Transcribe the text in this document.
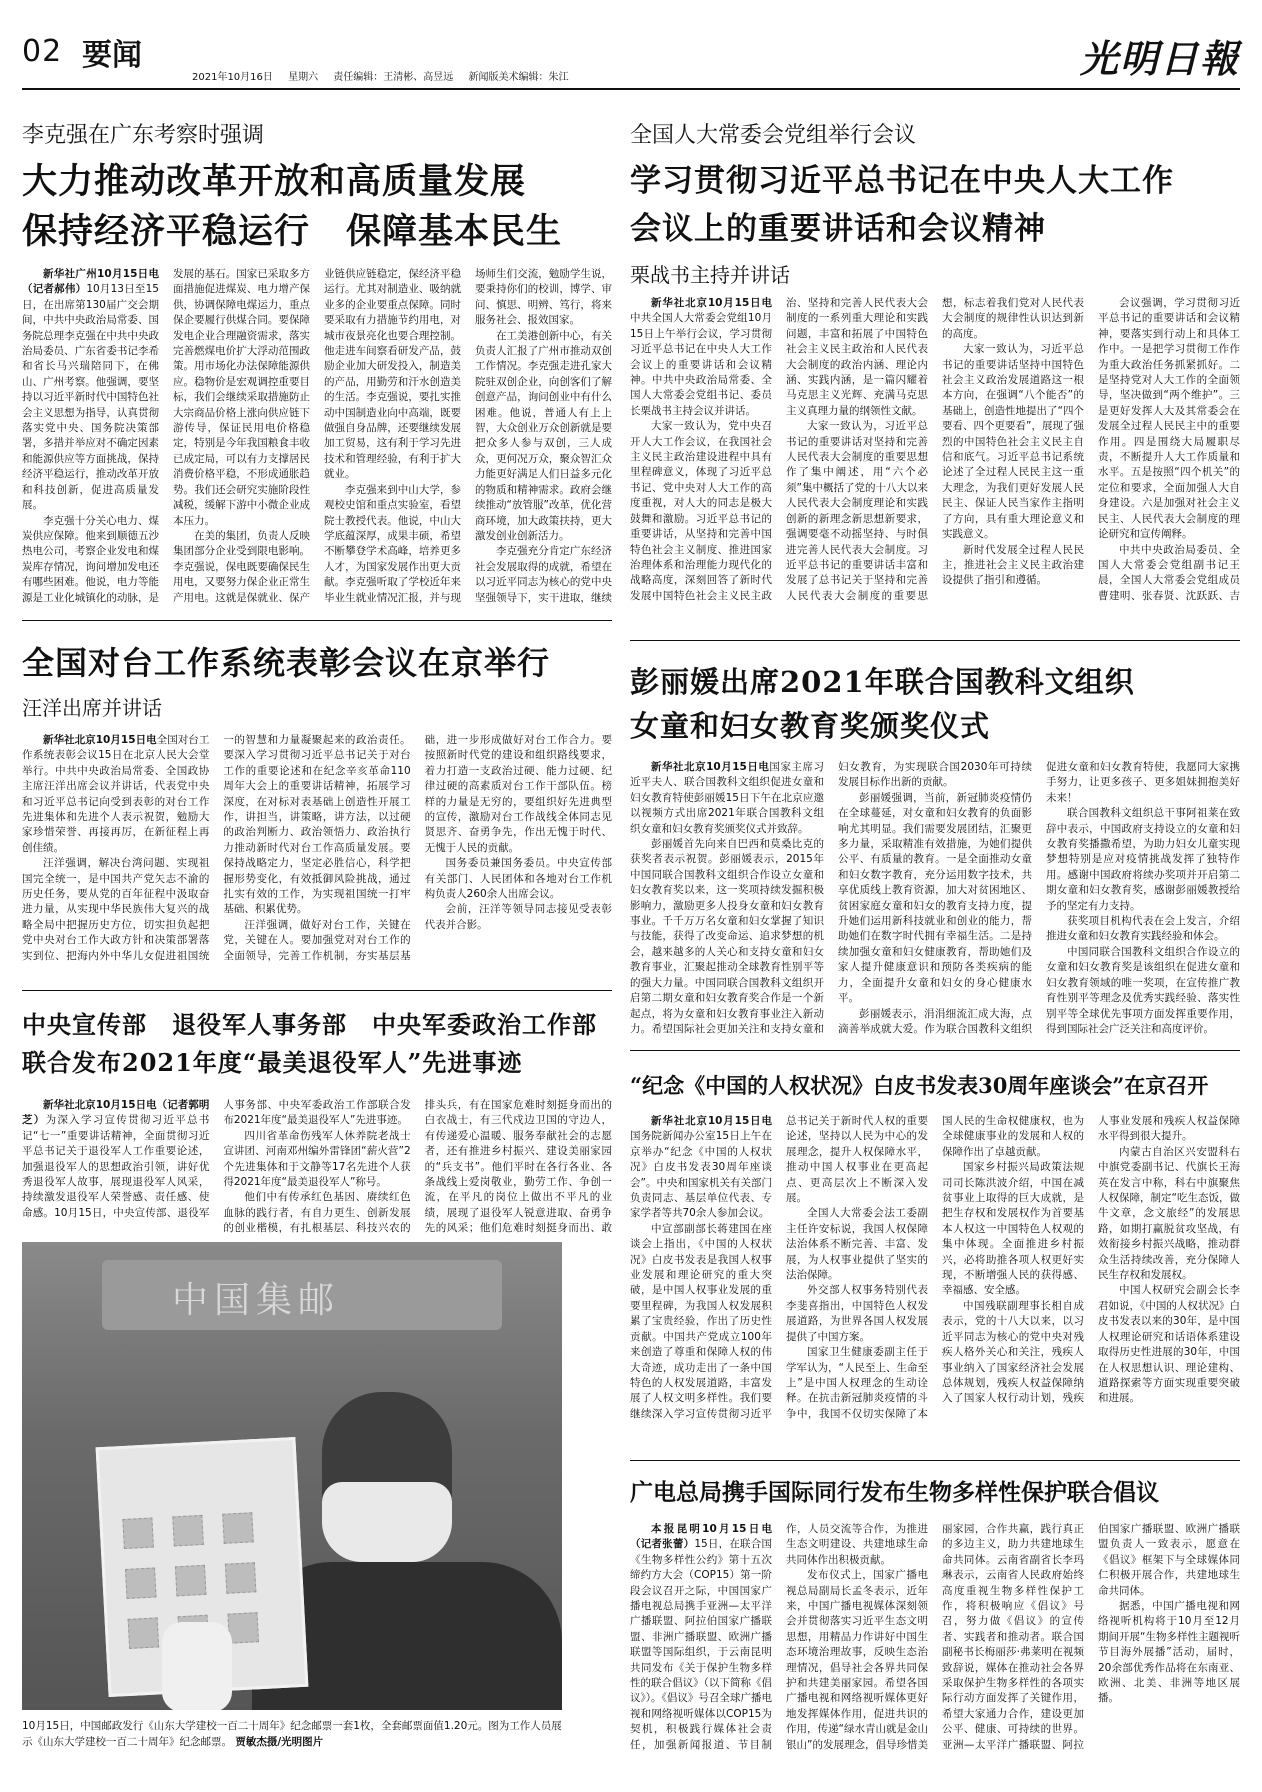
02 要闻
2021年10月16日 星期六 责任编辑：王清彬、高昱远 新闻版美术编辑：朱江	光明日報
李克强在广东考察时强调
大力推动改革开放和高质量发展
保持经济平稳运行　保障基本民生

新华社广州10月15日电（记者郝伟）10月13日至15日，在出席第130届广交会期间，中共中央政治局常委、国务院总理李克强在中共中央政治局委员、广东省委书记李希和省长马兴瑞陪同下，在佛山、广州考察。他强调，要坚持以习近平新时代中国特色社会主义思想为指导，认真贯彻落实党中央、国务院决策部署，多措并举应对不确定因素和能源供应等方面挑战，保持经济平稳运行，推动改革开放和科技创新，促进高质量发展。

李克强十分关心电力、煤炭供应保障。他来到顺德五沙热电公司，考察企业发电和煤炭库存情况，询问增加发电还有哪些困难。他说，电力等能源是工业化城镇化的动脉，是发展的基石。国家已采取多方面措施促进煤炭、电力增产保供，协调保障电煤运力，重点保企要履行供煤合同。要保障发电企业合理融资需求，落实完善燃煤电价扩大浮动范围政策。用市场化办法保障能源供应。稳物价是宏观调控重要目标，我们会继续采取措施防止大宗商品价格上涨向供应链下游传导，保证民用电价格稳定，特别是今年我国粮食丰收已成定局，可以有力支撑居民消费价格平稳，不形成通胀趋势。我们还会研究实施阶段性减税，缓解下游中小微企业成本压力。

在美的集团，负责人反映集团部分企业受到限电影响。李克强说，保电既要确保民生用电，又要努力保企业正常生产用电。这就是保就业、保产业链供应链稳定，保经济平稳运行。尤其对制造业、吸纳就业多的企业要重点保障。同时要采取有力措施节约用电，对城市夜景亮化也要合理控制。他走进车间察看研发产品，鼓励企业加大研发投入，制造美的产品，用勤劳和汗水创造美的生活。李克强说，要扎实推动中国制造业向中高端，既要做强自身品牌，还要继续发展加工贸易，这有利于学习先进技术和管理经验，有利于扩大就业。

李克强来到中山大学，参观校史馆和重点实验室，看望院士教授代表。他说，中山大学底蕴深厚，成果丰硕，希望不断攀登学术高峰，培养更多人才，为国家发展作出更大贡献。李克强听取了学校近年来毕业生就业情况汇报，并与现场师生们交流，勉励学生说，要秉持你们的校训，博学、审问、慎思、明辨、笃行，将来服务社会、报效国家。

在工美港创新中心，有关负责人汇报了广州市推动双创工作情况。李克强走进孔家大院驻双创企业，向创客们了解创意产品，询问创业中有什么困难。他说，普通人有上上智，大众创业万众创新就是要把众多人参与双创，三人成众，更何况万众，聚众智汇众力能更好满足人们日益多元化的物质和精神需求。政府会继续推动“放管服”改革，优化营商环境，加大政策扶持，更大激发创业创新活力。

李克强充分肯定广东经济社会发展取得的成就，希望在以习近平同志为核心的党中央坚强领导下，实干进取，继续

全国人大常委会党组举行会议
学习贯彻习近平总书记在中央人大工作
会议上的重要讲话和会议精神
栗战书主持并讲话

新华社北京10月15日电中共全国人大常委会党组10月15日上午举行会议，学习贯彻习近平总书记在中央人大工作会议上的重要讲话和会议精神。中共中央政治局常委、全国人大常委会党组书记、委员长栗战书主持会议并讲话。

大家一致认为，党中央召开人大工作会议，在我国社会主义民主政治建设进程中具有里程碑意义，体现了习近平总书记、党中央对人大工作的高度重视，对人大的同志是极大鼓舞和激励。习近平总书记的重要讲话，从坚持和完善中国特色社会主义制度、推进国家治理体系和治理能力现代化的战略高度，深刻回答了新时代发展中国特色社会主义民主政治、坚持和完善人民代表大会制度的一系列重大理论和实践问题，丰富和拓展了中国特色社会主义民主政治和人民代表大会制度的政治内涵、理论内涵、实践内涵，是一篇闪耀着马克思主义光辉、充满马克思主义真理力量的纲领性文献。

大家一致认为，习近平总书记的重要讲话对坚持和完善人民代表大会制度的重要思想作了集中阐述，用“六个必须”集中概括了党的十八大以来人民代表大会制度理论和实践创新的新理念新思想新要求，强调要毫不动摇坚持、与时俱进完善人民代表大会制度。习近平总书记的重要讲话丰富和发展了总书记关于坚持和完善人民代表大会制度的重要思想，标志着我们党对人民代表大会制度的规律性认识达到新的高度。

大家一致认为，习近平总书记的重要讲话坚持中国特色社会主义政治发展道路这一根本方向，在强调“八个能否”的基础上，创造性地提出了“四个要看、四个更要看”，展现了强烈的中国特色社会主义民主自信和底气。习近平总书记系统论述了全过程人民民主这一重大理念，为我们更好发展人民民主、保证人民当家作主指明了方向，具有重大理论意义和实践意义。

新时代发展全过程人民民主，推进社会主义民主政治建设提供了指引和遵循。

会议强调，学习贯彻习近平总书记的重要讲话和会议精神，要落实到行动上和具体工作中。一是把学习贯彻工作作为重大政治任务抓紧抓好。二是坚持党对人大工作的全面领导，坚决做到“两个维护”。三是更好发挥人大及其常委会在发展全过程人民民主中的重要作用。四是围绕大局履职尽责，不断提升人大工作质量和水平。五是按照“四个机关”的定位和要求，全面加强人大自身建设。六是加强对社会主义民主、人民代表大会制度的理论研究和宣传阐释。

中共中央政治局委员、全国人大常委会党组副书记王晨，全国人大常委会党组成员曹建明、张春贤、沈跃跃、吉

全国对台工作系统表彰会议在京举行
汪洋出席并讲话

新华社北京10月15日电全国对台工作系统表彰会议15日在北京人民大会堂举行。中共中央政治局常委、全国政协主席汪洋出席会议并讲话，代表党中央和习近平总书记向受到表彰的对台工作先进集体和先进个人表示祝贺，勉励大家珍惜荣誉、再接再厉，在新征程上再创佳绩。

汪洋强调，解决台湾问题、实现祖国完全统一，是中国共产党矢志不渝的历史任务，要从党的百年征程中汲取奋进力量，从实现中华民族伟大复兴的战略全局中把握历史方位，切实担负起把党中央对台工作大政方针和决策部署落实到位、把海内外中华儿女促进祖国统一的智慧和力量凝聚起来的政治责任。要深入学习贯彻习近平总书记关于对台工作的重要论述和在纪念辛亥革命110周年大会上的重要讲话精神，拓展学习深度，在对标对表基础上创造性开展工作，讲担当，讲策略，讲方法，以过硬的政治判断力、政治领悟力、政治执行力推动新时代对台工作高质量发展。要保持战略定力，坚定必胜信心，科学把握形势变化，有效抵御风险挑战，通过扎实有效的工作，为实现祖国统一打牢基础、积累优势。

汪洋强调，做好对台工作，关键在党，关键在人。要加强党对对台工作的全面领导，完善工作机制，夯实基层基础，进一步形成做好对台工作合力。要按照新时代党的建设和组织路线要求，着力打造一支政治过硬、能力过硬、纪律过硬的高素质对台工作干部队伍。榜样的力量是无穷的，要组织好先进典型的宣传，激励对台工作战线全体同志见贤思齐、奋勇争先，作出无愧于时代、无愧于人民的贡献。

国务委员兼国务委员。中央宣传部有关部门、人民团体和各地对台工作机构负责人260余人出席会议。

会前，汪洋等领导同志接见受表彰代表并合影。

彭丽媛出席2021年联合国教科文组织
女童和妇女教育奖颁奖仪式

新华社北京10月15日电国家主席习近平夫人、联合国教科文组织促进女童和妇女教育特使彭丽媛15日下午在北京应邀以视频方式出席2021年联合国教科文组织女童和妇女教育奖颁奖仪式并致辞。

彭丽媛首先向来自巴西和莫桑比克的获奖者表示祝贺。彭丽媛表示，2015年中国同联合国教科文组织合作设立女童和妇女教育奖以来，这一奖项持续发掘积极影响力，激励更多人投身女童和妇女教育事业。千千万万名女童和妇女掌握了知识与技能，获得了改变命运、追求梦想的机会，越来越多的人关心和支持女童和妇女教育事业，汇聚起推动全球教育性别平等的强大力量。中国同联合国教科文组织开启第二期女童和妇女教育奖合作是一个新起点，将为女童和妇女教育事业注入新动力。希望国际社会更加关注和支持女童和妇女教育，为实现联合国2030年可持续发展目标作出新的贡献。

彭丽媛强调，当前，新冠肺炎疫情仍在全球蔓延，对女童和妇女教育的负面影响尤其明显。我们需要发展团结，汇聚更多力量，采取精准有效措施，为她们提供公平、有质量的教育。一是全面推动女童和妇女数字教育，充分运用数字技术，共享优质线上教育资源，加大对贫困地区、贫困家庭女童和妇女的教育支持力度，提升她们运用新科技就业和创业的能力，帮助她们在数字时代拥有幸福生活。二是持续加强女童和妇女健康教育，帮助她们及家人提升健康意识和预防各类疾病的能力，全面提升女童和妇女的身心健康水平。

彭丽媛表示，涓涓细流汇成大海，点滴善举成就大爱。作为联合国教科文组织促进女童和妇女教育特使，我愿同大家携手努力，让更多孩子、更多姐妹拥抱美好未来！

联合国教科文组织总干事阿祖莱在致辞中表示，中国政府支持设立的女童和妇女教育奖播撒希望，为助力妇女儿童实现梦想特别是应对疫情挑战发挥了独特作用。感谢中国政府将续办奖项并开启第二期女童和妇女教育奖，感谢彭丽媛教授给予的坚定有力支持。

获奖项目机构代表在会上发言，介绍推进女童和妇女教育实践经验和体会。

中国同联合国教科文组织合作设立的女童和妇女教育奖是该组织在促进女童和妇女教育领域的唯一奖项，在宣传推广教育性别平等理念及优秀实践经验、落实性别平等全球优先事项方面发挥重要作用，得到国际社会广泛关注和高度评价。

中央宣传部　退役军人事务部　中央军委政治工作部
联合发布2021年度“最美退役军人”先进事迹

新华社北京10月15日电（记者郭明芝）为深入学习宣传贯彻习近平总书记“七一”重要讲话精神，全面贯彻习近平总书记关于退役军人工作重要论述，加强退役军人的思想政治引领，讲好优秀退役军人故事，展现退役军人风采，持续激发退役军人荣誉感、责任感、使命感。10月15日，中央宣传部、退役军人事务部、中央军委政治工作部联合发布2021年度“最美退役军人”先进事迹。

四川省革命伤残军人休养院老战士宣讲团、河南邓州编外雷锋团“薪火营”2个先进集体和于文静等17名先进个人获得2021年度“最美退役军人”称号。

他们中有传承红色基因、赓续红色血脉的践行者，有自力更生、创新发展的创业楷模，有扎根基层、科技兴农的排头兵，有在国家危难时刻挺身而出的白衣战士，有三代戍边卫国的守边人，有传递爱心温暖、服务奉献社会的志愿者，还有推进乡村振兴、建设美丽家园的“兵支书”。他们平时在各行各业、各条战线上爱岗敬业，勤劳工作、争创一流，在平凡的岗位上做出不平凡的业绩，展现了退役军人锐意进取、奋勇争先的风采；他们危难时刻挺身而出、敢

“纪念《中国的人权状况》白皮书发表30周年座谈会”在京召开

新华社北京10月15日电国务院新闻办公室15日上午在京举办“纪念《中国的人权状况》白皮书发表30周年座谈会”。中央和国家机关有关部门负责同志、基层单位代表、专家学者等共70余人参加会议。

中宣部副部长蒋建国在座谈会上指出，《中国的人权状况》白皮书发表是我国人权事业发展和理论研究的重大突破，是中国人权事业发展的重要里程碑，为我国人权发展积累了宝贵经验，作出了历史性贡献。中国共产党成立100年来创造了尊重和保障人权的伟大奇迹，成功走出了一条中国特色的人权发展道路，丰富发展了人权文明多样性。我们要继续深入学习宣传贯彻习近平总书记关于新时代人权的重要论述，坚持以人民为中心的发展理念，提升人权保障水平，推动中国人权事业在更高起点、更高层次上不断深入发展。

全国人大常委会法工委副主任许安标说，我国人权保障法治体系不断完善、丰富、发展，为人权事业提供了坚实的法治保障。

外交部人权事务特别代表李斐喜指出，中国特色人权发展道路，为世界各国人权发展提供了中国方案。

国家卫生健康委副主任于学军认为，“人民至上、生命至上”是中国人权理念的生动诠释。在抗击新冠肺炎疫情的斗争中，我国不仅切实保障了本国人民的生命权健康权，也为全球健康事业的发展和人权的保障作出了卓越贡献。

国家乡村振兴局政策法规司司长陈洪波介绍，中国在减贫事业上取得的巨大成就，是把生存权和发展权作为首要基本人权这一中国特色人权观的集中体现。全面推进乡村振兴，必将助推各项人权更好实现，不断增强人民的获得感、幸福感、安全感。

中国残联副理事长相自成表示，党的十八大以来，以习近平同志为核心的党中央对残疾人格外关心和关注，残疾人事业纳入了国家经济社会发展总体规划，残疾人权益保障纳入了国家人权行动计划，残疾人事业发展和残疾人权益保障水平得到很大提升。

内蒙古自治区兴安盟科右中旗党委副书记、代旗长王海英在发言中称，科右中旗聚焦人权保障，制定“吃生态饭，做牛文章，念文旅经”的发展思路，如期打赢脱贫攻坚战，有效衔接乡村振兴战略，推动群众生活持续改善，充分保障人民生存权和发展权。

中国人权研究会副会长李君如说，《中国的人权状况》白皮书发表以来的30年，是中国人权理论研究和话语体系建设取得历史性进展的30年，中国在人权思想认识、理论建构、道路探索等方面实现重要突破和进展。

广电总局携手国际同行发布生物多样性保护联合倡议

本报昆明10月15日电（记者张蕾）15日，在联合国《生物多样性公约》第十五次缔约方大会（COP15）第一阶段会议召开之际，中国国家广播电视总局携手亚洲—太平洋广播联盟、阿拉伯国家广播联盟、非洲广播联盟、欧洲广播联盟等国际组织，于云南昆明共同发布《关于保护生物多样性的联合倡议》（以下简称《倡议》）。《倡议》号召全球广播电视和网络视听媒体以COP15为契机，积极践行媒体社会责任，加强新闻报道、节目制作，人员交流等合作，为推进生态文明建设、共建地球生命共同体作出积极贡献。

发布仪式上，国家广播电视总局副局长孟冬表示，近年来，中国广播电视媒体深刻领会并贯彻落实习近平生态文明思想，用精品力作讲好中国生态环境治理故事，反映生态治理情况，倡导社会各界共同保护和共建美丽家园。希望各国广播电视和网络视听媒体更好地发挥媒体作用，促进共识的作用，传递“绿水青山就是金山银山”的发展理念，倡导珍惜美丽家园，合作共赢，践行真正的多边主义，助力共建地球生命共同体。云南省副省长李玛琳表示，云南省人民政府始终高度重视生物多样性保护工作，将积极响应《倡议》号召，努力做《倡议》的宣传者、实践者和推动者。联合国副秘书长梅丽莎·弗莱明在视频致辞说，媒体在推动社会各界采取保护生物多样性的各项实际行动方面发挥了关键作用，希望大家通力合作，建设更加公平、健康、可持续的世界。亚洲—太平洋广播联盟、阿拉伯国家广播联盟、欧洲广播联盟负责人一致表示，愿意在《倡议》框架下与全球媒体同仁积极开展合作，共建地球生命共同体。

据悉，中国广播电视和网络视听机构将于10月至12月期间开展“生物多样性主题视听节目海外展播”活动，届时，20余部优秀作品将在东南亚、欧洲、北美、非洲等地区展播。

中国集邮
10月15日，中国邮政发行《山东大学建校一百二十周年》纪念邮票一套1枚，全套邮票面值1.20元。图为工作人员展示《山东大学建校一百二十周年》纪念邮票。 贾敏杰摄/光明图片
